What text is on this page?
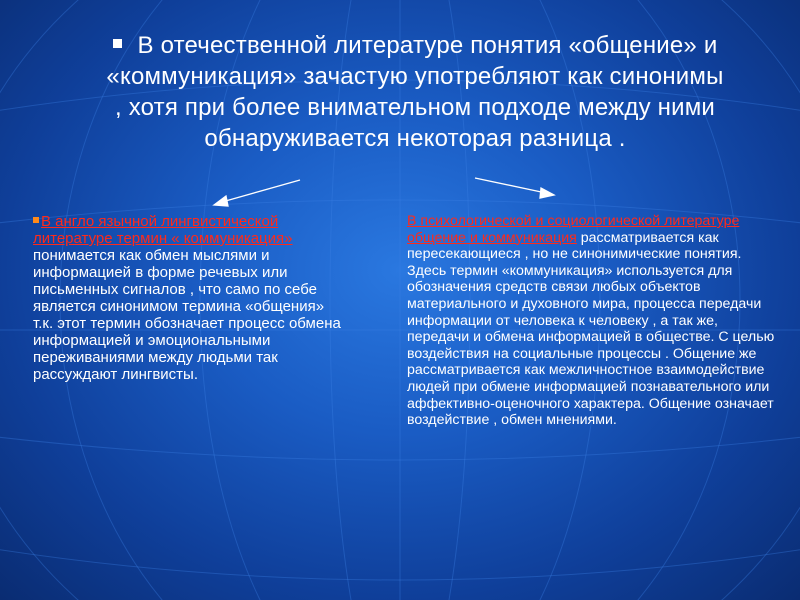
В отечественной литературе понятия «общение» и «коммуникация» зачастую употребляют как синонимы , хотя при более внимательном подходе между ними обнаруживается некоторая разница .
В англо язычной лингвистической литературе термин « коммуникация» понимается как обмен мыслями и информацией в форме речевых или письменных сигналов , что само по себе является синонимом термина «общения» т.к. этот термин обозначает процесс обмена информацией и эмоциональными переживаниями между людьми так рассуждают лингвисты.
В психологической и социологической литературе общение и коммуникация рассматривается как пересекающиеся , но не синонимические понятия. Здесь термин «коммуникация» используется для обозначения средств связи любых объектов материального и духовного мира, процесса передачи информации от человека к человеку , а так же, передачи и обмена информацией в обществе. С целью воздействия на социальные процессы . Общение же рассматривается как межличностное взаимодействие людей при обмене информацией познавательного или аффективно-оценочного характера. Общение означает воздействие , обмен мнениями.
